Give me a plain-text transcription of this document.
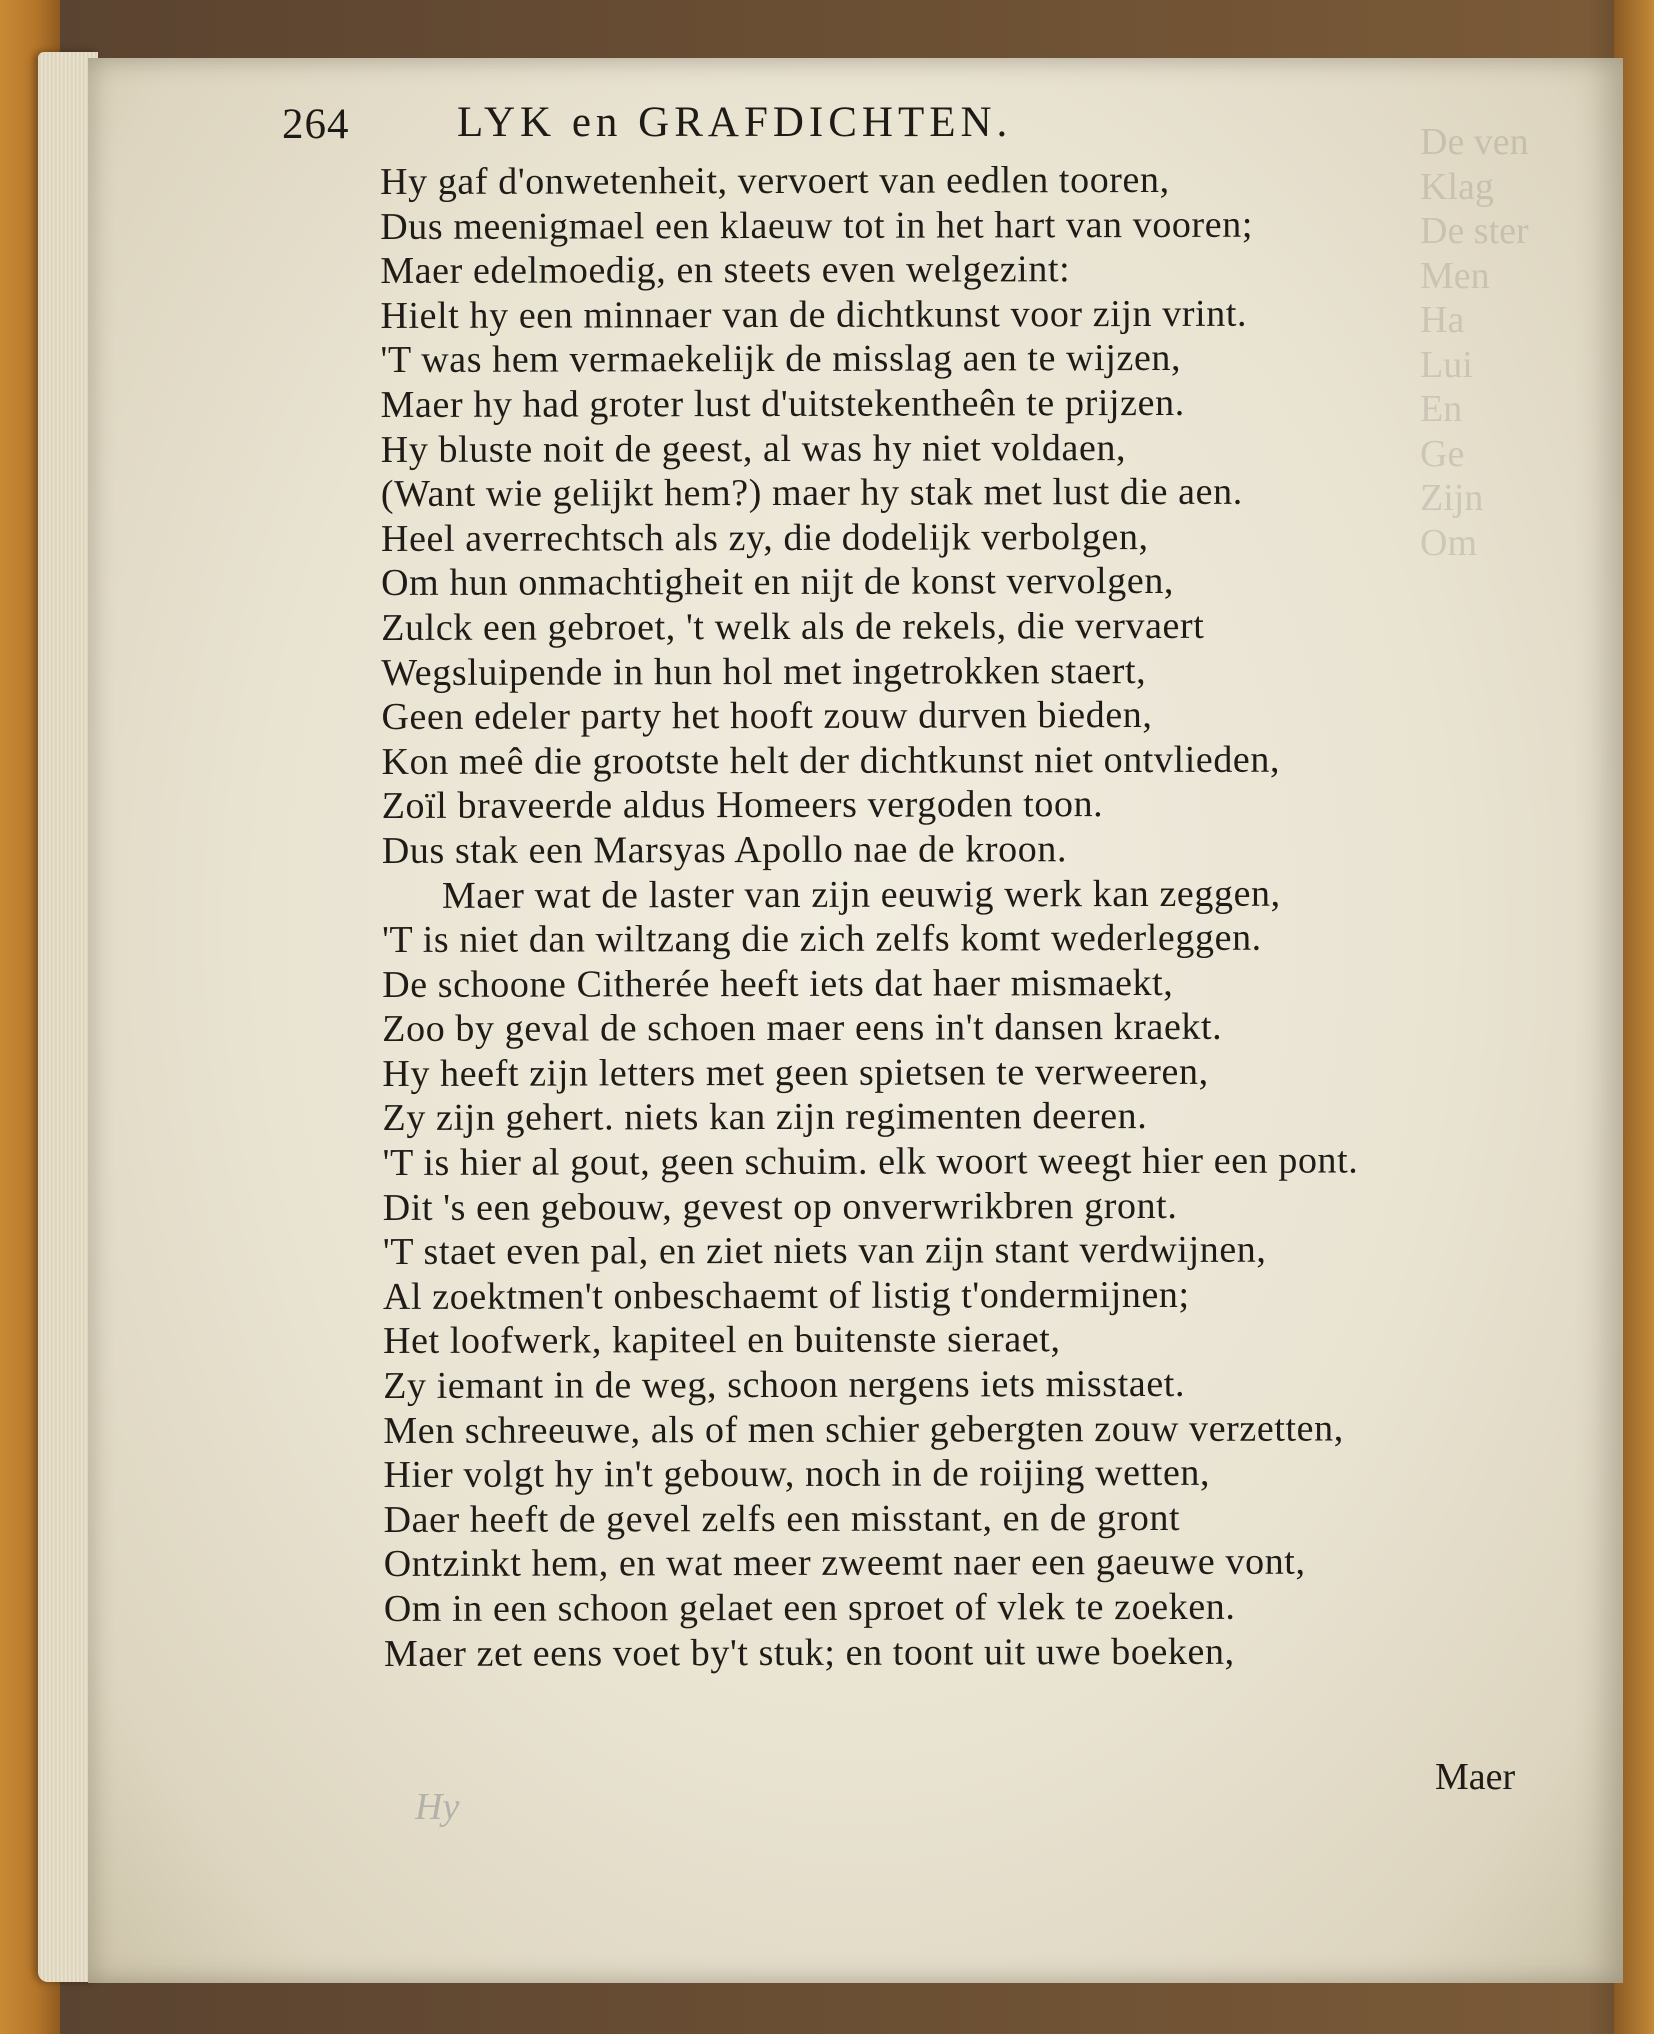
De ven
Klag
De ster
Men
Ha
Lui
En
Ge
Zijn
Om
264	LYK en GRAFDICHTEN.
Hy gaf d'onwetenheit, vervoert van eedlen tooren,
Dus meenigmael een klaeuw tot in het hart van vooren;
Maer edelmoedig, en steets even welgezint:
Hielt hy een minnaer van de dichtkunst voor zijn vrint.
'T was hem vermaekelijk de misslag aen te wijzen,
Maer hy had groter lust d'uitstekentheên te prijzen.
Hy bluste noit de geest, al was hy niet voldaen,
(Want wie gelijkt hem?) maer hy stak met lust die aen.
Heel averrechtsch als zy, die dodelijk verbolgen,
Om hun onmachtigheit en nijt de konst vervolgen,
Zulck een gebroet, 't welk als de rekels, die vervaert
Wegsluipende in hun hol met ingetrokken staert,
Geen edeler party het hooft zouw durven bieden,
Kon meê die grootste helt der dichtkunst niet ontvlieden,
Zoïl braveerde aldus Homeers vergoden toon.
Dus stak een Marsyas Apollo nae de kroon.
Maer wat de laster van zijn eeuwig werk kan zeggen,
'T is niet dan wiltzang die zich zelfs komt wederleggen.
De schoone Citherée heeft iets dat haer mismaekt,
Zoo by geval de schoen maer eens in't dansen kraekt.
Hy heeft zijn letters met geen spietsen te verweeren,
Zy zijn gehert. niets kan zijn regimenten deeren.
'T is hier al gout, geen schuim. elk woort weegt hier een pont.
Dit 's een gebouw, gevest op onverwrikbren gront.
'T staet even pal, en ziet niets van zijn stant verdwijnen,
Al zoektmen't onbeschaemt of listig t'ondermijnen;
Het loofwerk, kapiteel en buitenste sieraet,
Zy iemant in de weg, schoon nergens iets misstaet.
Men schreeuwe, als of men schier gebergten zouw verzetten,
Hier volgt hy in't gebouw, noch in de roijing wetten,
Daer heeft de gevel zelfs een misstant, en de gront
Ontzinkt hem, en wat meer zweemt naer een gaeuwe vont,
Om in een schoon gelaet een sproet of vlek te zoeken.
Maer zet eens voet by't stuk; en toont uit uwe boeken,
Hy
Maer
